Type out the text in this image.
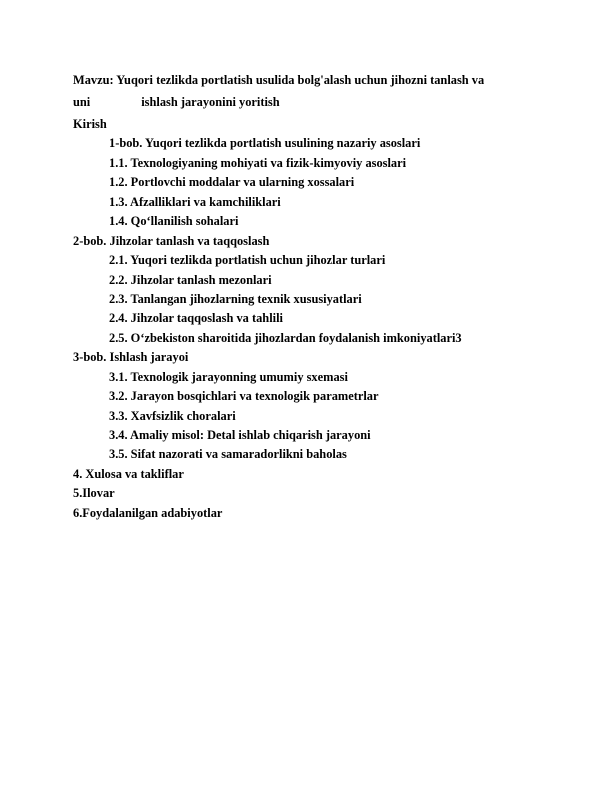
Mavzu: Yuqori tezlikda portlatish usulida bolg'alash uchun jihozni tanlash va
uni	ishlash jarayonini yoritish
Kirish
1-bob. Yuqori tezlikda portlatish usulining nazariy asoslari
1.1. Texnologiyaning mohiyati va fizik-kimyoviy asoslari
1.2. Portlovchi moddalar va ularning xossalari
1.3. Afzalliklari va kamchiliklari
1.4. Qo‘llanilish sohalari
2-bob. Jihzolar tanlash va taqqoslash
2.1. Yuqori tezlikda portlatish uchun jihozlar turlari
2.2. Jihzolar tanlash mezonlari
2.3. Tanlangan jihozlarning texnik xususiyatlari
2.4. Jihzolar taqqoslash va tahlili
2.5. O‘zbekiston sharoitida jihozlardan foydalanish imkoniyatlari3
3-bob. Ishlash jarayoi
3.1. Texnologik jarayonning umumiy sxemasi
3.2. Jarayon bosqichlari va texnologik parametrlar
3.3. Xavfsizlik choralari
3.4. Amaliy misol: Detal ishlab chiqarish jarayoni
3.5. Sifat nazorati va samaradorlikni baholas
4. Xulosa va takliflar
5.Ilovar
6.Foydalanilgan adabiyotlar
